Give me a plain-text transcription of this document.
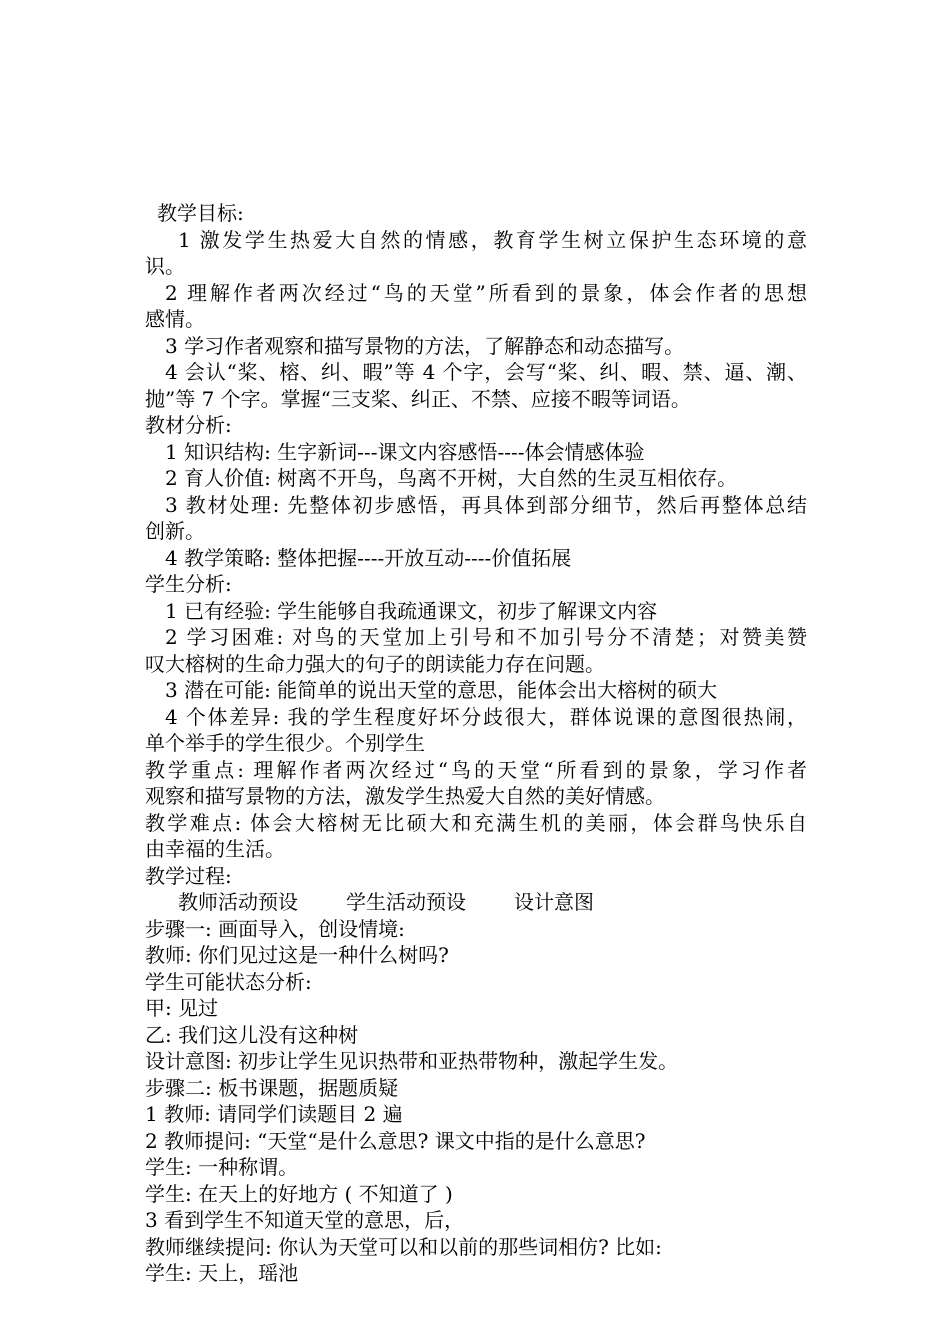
教学目标:
1 激发学生热爱大自然的情感，教育学生树立保护生态环境的意
识。
2 理解作者两次经过“鸟的天堂”所看到的景象，体会作者的思想
感情。
3 学习作者观察和描写景物的方法，了解静态和动态描写。
4 会认“桨、榕、纠、暇”等 4 个字，会写“桨、纠、暇、禁、逼、潮、
抛”等 7 个字。掌握“三支桨、纠正、不禁、应接不暇等词语。
教材分析:
1 知识结构: 生字新词---课文内容感悟----体会情感体验
2 育人价值: 树离不开鸟，鸟离不开树，大自然的生灵互相依存。
3 教材处理: 先整体初步感悟，再具体到部分细节，然后再整体总结
创新。
4 教学策略: 整体把握----开放互动----价值拓展
学生分析:
1 已有经验: 学生能够自我疏通课文，初步了解课文内容
2 学习困难: 对鸟的天堂加上引号和不加引号分不清楚；对赞美赞
叹大榕树的生命力强大的句子的朗读能力存在问题。
3 潜在可能: 能简单的说出天堂的意思，能体会出大榕树的硕大
4 个体差异: 我的学生程度好坏分歧很大，群体说课的意图很热闹，
单个举手的学生很少。个别学生
教学重点: 理解作者两次经过“鸟的天堂“所看到的景象，学习作者
观察和描写景物的方法，激发学生热爱大自然的美好情感。
教学难点: 体会大榕树无比硕大和充满生机的美丽，体会群鸟快乐自
由幸福的生活。
教学过程:
教师活动预设	学生活动预设	设计意图
步骤一: 画面导入，创设情境:
教师: 你们见过这是一种什么树吗?
学生可能状态分析:
甲: 见过
乙: 我们这儿没有这种树
设计意图: 初步让学生见识热带和亚热带物种，激起学生发。
步骤二: 板书课题，据题质疑
1 教师: 请同学们读题目 2 遍
2 教师提问: “天堂“是什么意思? 课文中指的是什么意思?
学生: 一种称谓。
学生: 在天上的好地方 ( 不知道了 )
3 看到学生不知道天堂的意思，后，
教师继续提问: 你认为天堂可以和以前的那些词相仿? 比如:
学生: 天上，瑶池
